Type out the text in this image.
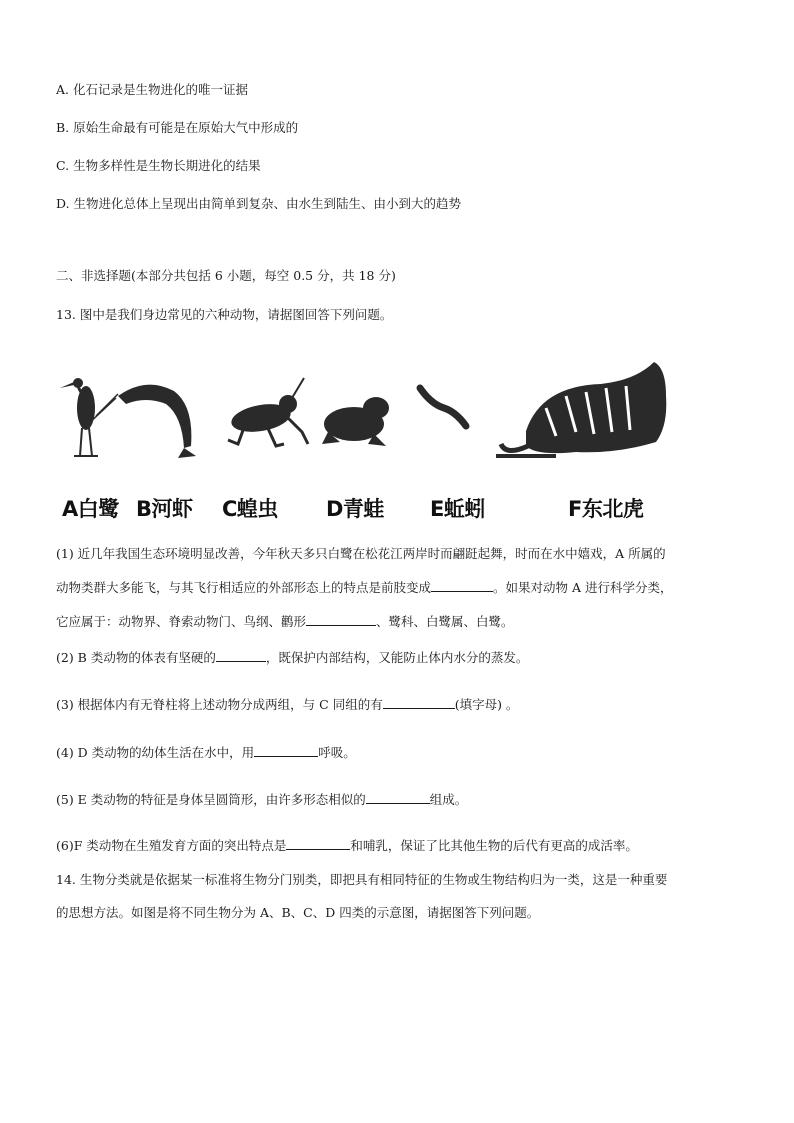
A. 化石记录是生物进化的唯一证据
B. 原始生命最有可能是在原始大气中形成的
C. 生物多样性是生物长期进化的结果
D. 生物进化总体上呈现出由简单到复杂、由水生到陆生、由小到大的趋势
二、非选择题(本部分共包括 6 小题，每空 0.5 分，共 18 分)
13. 图中是我们身边常见的六种动物，请据图回答下列问题。
A白鹭 B河虾 C蝗虫 D青蛙 E蚯蚓	F东北虎
(1) 近几年我国生态环境明显改善，今年秋天多只白鹭在松花江两岸时而翩跹起舞，时而在水中嬉戏，A 所属的
动物类群大多能飞，与其飞行相适应的外部形态上的特点是前肢变成	。如果对动物 A 进行科学分类，
它应属于：动物界、脊索动物门、鸟纲、鹳形	、鹭科、白鹭属、白鹭。
(2) B 类动物的体表有坚硬的	，既保护内部结构，又能防止体内水分的蒸发。
(3) 根据体内有无脊柱将上述动物分成两组，与 C 同组的有	(填字母) 。
(4) D 类动物的幼体生活在水中，用	呼吸。
(5) E 类动物的特征是身体呈圆筒形，由许多形态相似的	组成。
(6)F 类动物在生殖发育方面的突出特点是	和哺乳，保证了比其他生物的后代有更高的成活率。
14. 生物分类就是依据某一标准将生物分门别类，即把具有相同特征的生物或生物结构归为一类，这是一种重要
的思想方法。如图是将不同生物分为 A、B、C、D 四类的示意图，请据图答下列问题。
